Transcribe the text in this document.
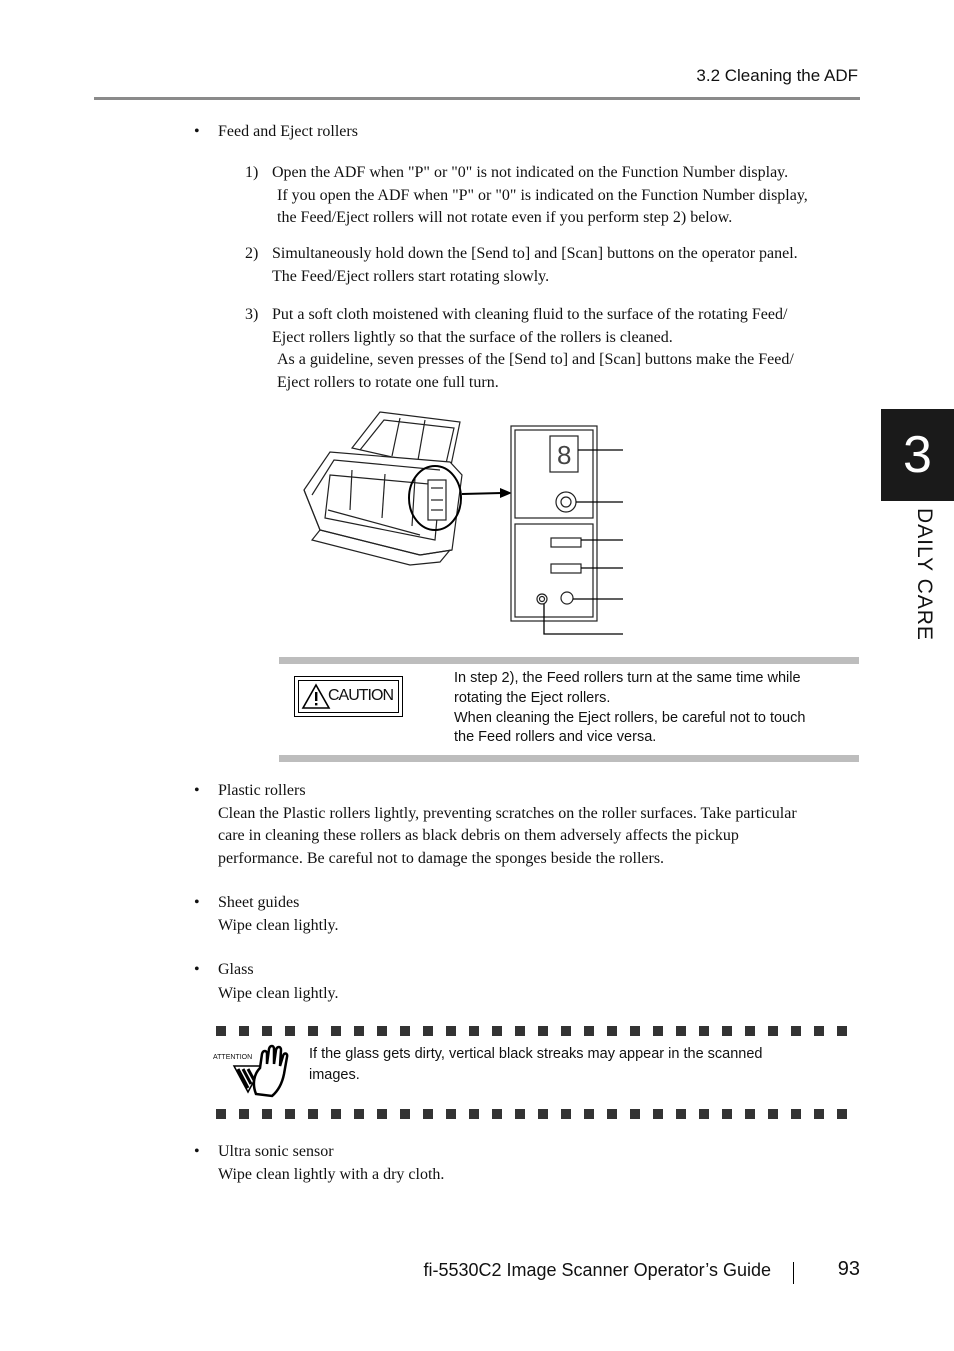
3.2 Cleaning the ADF
3
DAILY CARE
•	Feed and Eject rollers
1) Open the ADF when "P" or "0" is not indicated on the Function Number display.
If you open the ADF when "P" or "0" is indicated on the Function Number display,
the Feed/Eject rollers will not rotate even if you perform step 2) below.
2) Simultaneously hold down the [Send to] and [Scan] buttons on the operator panel.
The Feed/Eject rollers start rotating slowly.
3) Put a soft cloth moistened with cleaning fluid to the surface of the rotating Feed/
Eject rollers lightly so that the surface of the rollers is cleaned.
As a guideline, seven presses of the [Send to] and [Scan] buttons make the Feed/
Eject rollers to rotate one full turn.
8
CAUTION
In step 2), the Feed rollers turn at the same time while
rotating the Eject rollers.
When cleaning the Eject rollers, be careful not to touch
the Feed rollers and vice versa.
•	Plastic rollers
Clean the Plastic rollers lightly, preventing scratches on the roller surfaces. Take particular
care in cleaning these rollers as black debris on them adversely affects the pickup
performance. Be careful not to damage the sponges beside the rollers.
•	Sheet guides
Wipe clean lightly.
•	Glass
Wipe clean lightly.
ATTENTION	If the glass gets dirty, vertical black streaks may appear in the scanned
images.
•	Ultra sonic sensor
Wipe clean lightly with a dry cloth.
fi-5530C2 Image Scanner Operator’s Guide	93
